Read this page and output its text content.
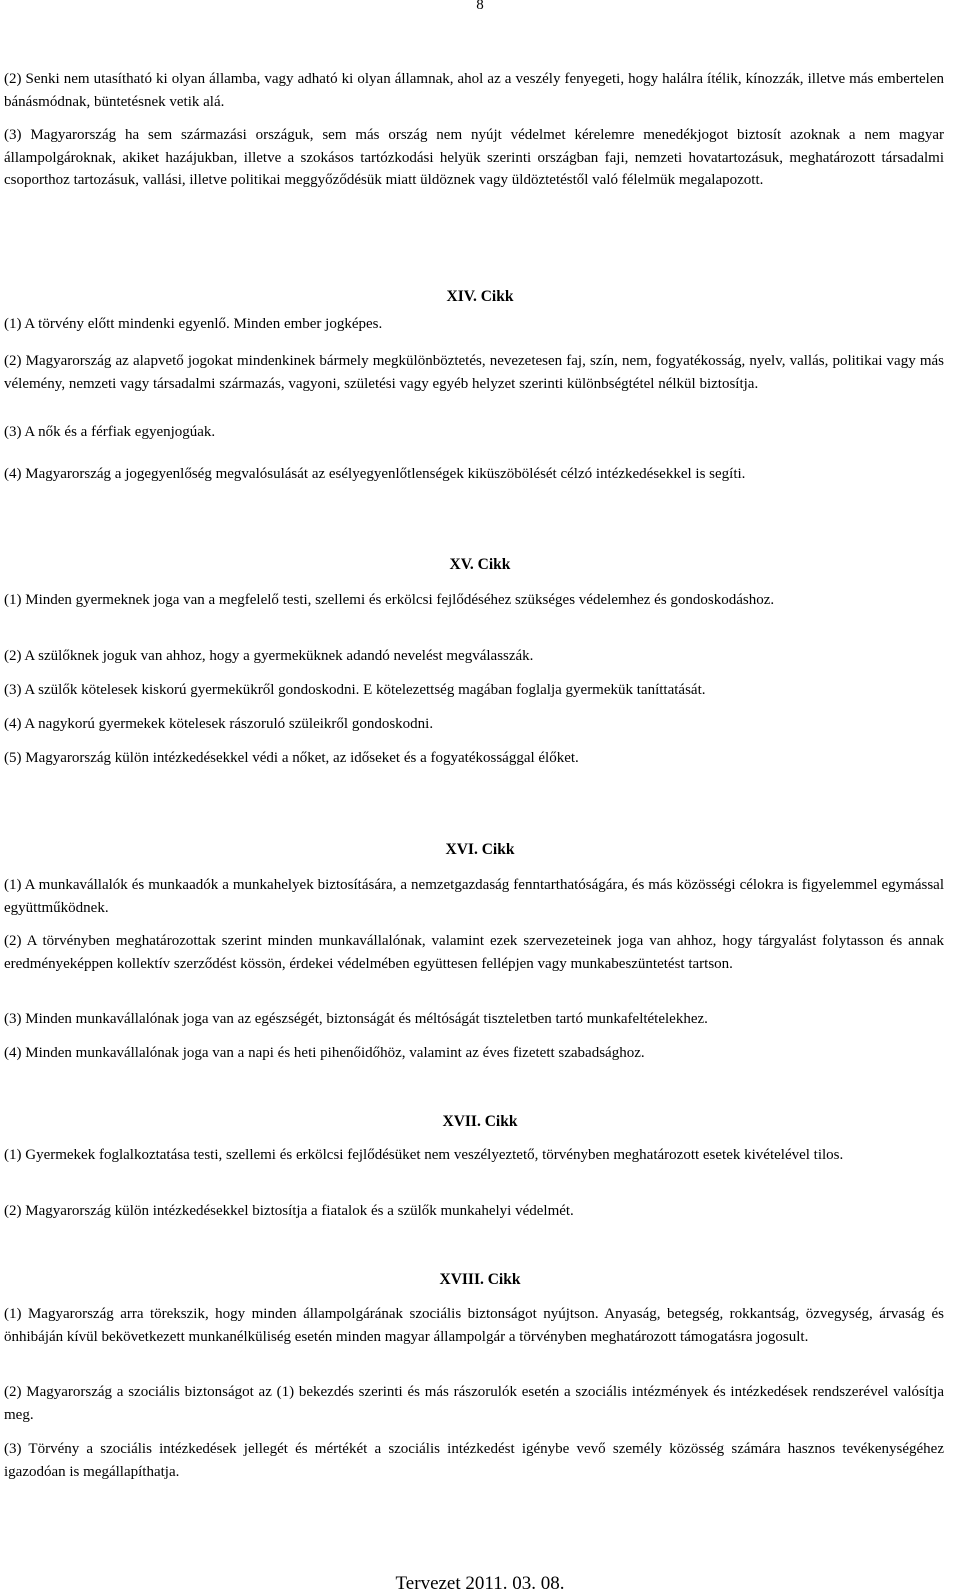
8

(2) Senki nem utasítható ki olyan államba, vagy adható ki olyan államnak, ahol az a veszély fenyegeti, hogy halálra ítélik, kínozzák, illetve más embertelen bánásmódnak, büntetésnek vetik alá.

(3) Magyarország ha sem származási országuk, sem más ország nem nyújt védelmet kérelemre menedékjogot biztosít azoknak a nem magyar állampolgároknak, akiket hazájukban, illetve a szokásos tartózkodási helyük szerinti országban faji, nemzeti hovatartozásuk, meghatározott társadalmi csoporthoz tartozásuk, vallási, illetve politikai meggyőződésük miatt üldöznek vagy üldöztetéstől való félelmük megalapozott.

XIV. Cikk

(1) A törvény előtt mindenki egyenlő. Minden ember jogképes.

(2) Magyarország az alapvető jogokat mindenkinek bármely megkülönböztetés, nevezetesen faj, szín, nem, fogyatékosság, nyelv, vallás, politikai vagy más vélemény, nemzeti vagy társadalmi származás, vagyoni, születési vagy egyéb helyzet szerinti különbségtétel nélkül biztosítja.

(3) A nők és a férfiak egyenjogúak.

(4) Magyarország a jogegyenlőség megvalósulását az esélyegyenlőtlenségek kiküszöbölését célzó intézkedésekkel is segíti.

XV. Cikk

(1) Minden gyermeknek joga van a megfelelő testi, szellemi és erkölcsi fejlődéséhez szükséges védelemhez és gondoskodáshoz.

(2) A szülőknek joguk van ahhoz, hogy a gyermeküknek adandó nevelést megválasszák.

(3) A szülők kötelesek kiskorú gyermekükről gondoskodni. E kötelezettség magában foglalja gyermekük taníttatását.

(4) A nagykorú gyermekek kötelesek rászoruló szüleikről gondoskodni.

(5) Magyarország külön intézkedésekkel védi a nőket, az időseket és a fogyatékossággal élőket.

XVI. Cikk

(1) A munkavállalók és munkaadók a munkahelyek biztosítására, a nemzetgazdaság fenntarthatóságára, és más közösségi célokra is figyelemmel egymással együttműködnek.

(2) A törvényben meghatározottak szerint minden munkavállalónak, valamint ezek szervezeteinek joga van ahhoz, hogy tárgyalást folytasson és annak eredményeképpen kollektív szerződést kössön, érdekei védelmében együttesen fellépjen vagy munkabeszüntetést tartson.

(3) Minden munkavállalónak joga van az egészségét, biztonságát és méltóságát tiszteletben tartó munkafeltételekhez.

(4) Minden munkavállalónak joga van a napi és heti pihenőidőhöz, valamint az éves fizetett szabadsághoz.

XVII. Cikk

(1) Gyermekek foglalkoztatása testi, szellemi és erkölcsi fejlődésüket nem veszélyeztető, törvényben meghatározott esetek kivételével tilos.

(2) Magyarország külön intézkedésekkel biztosítja a fiatalok és a szülők munkahelyi védelmét.

XVIII. Cikk

(1) Magyarország arra törekszik, hogy minden állampolgárának szociális biztonságot nyújtson. Anyaság, betegség, rokkantság, özvegység, árvaság és önhibáján kívül bekövetkezett munkanélküliség esetén minden magyar állampolgár a törvényben meghatározott támogatásra jogosult.

(2) Magyarország a szociális biztonságot az (1) bekezdés szerinti és más rászorulók esetén a szociális intézmények és intézkedések rendszerével valósítja meg.

(3) Törvény a szociális intézkedések jellegét és mértékét a szociális intézkedést igénybe vevő személy közösség számára hasznos tevékenységéhez igazodóan is megállapíthatja.

Tervezet 2011. 03. 08.
